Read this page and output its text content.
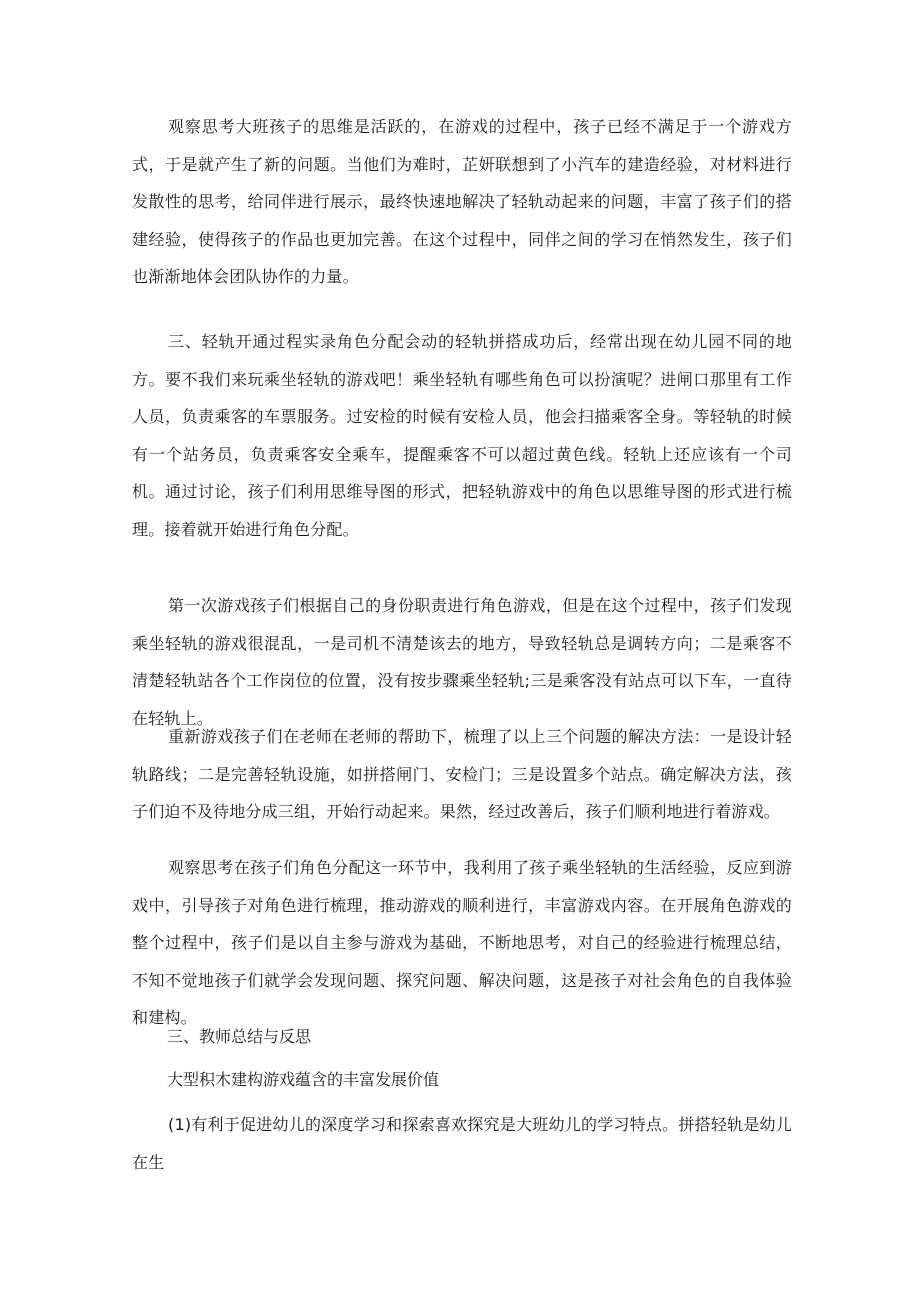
观察思考大班孩子的思维是活跃的，在游戏的过程中，孩子已经不满足于一个游戏方式，于是就产生了新的问题。当他们为难时，芷妍联想到了小汽车的建造经验，对材料进行发散性的思考，给同伴进行展示，最终快速地解决了轻轨动起来的问题，丰富了孩子们的搭建经验，使得孩子的作品也更加完善。在这个过程中，同伴之间的学习在悄然发生，孩子们也渐渐地体会团队协作的力量。

三、轻轨开通过程实录角色分配会动的轻轨拼搭成功后，经常出现在幼儿园不同的地方。要不我们来玩乘坐轻轨的游戏吧！乘坐轻轨有哪些角色可以扮演呢？进闸口那里有工作人员，负责乘客的车票服务。过安检的时候有安检人员，他会扫描乘客全身。等轻轨的时候有一个站务员，负责乘客安全乘车，提醒乘客不可以超过黄色线。轻轨上还应该有一个司机。通过讨论，孩子们利用思维导图的形式，把轻轨游戏中的角色以思维导图的形式进行梳理。接着就开始进行角色分配。

第一次游戏孩子们根据自己的身份职责进行角色游戏，但是在这个过程中，孩子们发现乘坐轻轨的游戏很混乱，一是司机不清楚该去的地方，导致轻轨总是调转方向；二是乘客不清楚轻轨站各个工作岗位的位置，没有按步骤乘坐轻轨;三是乘客没有站点可以下车，一直待在轻轨上。

重新游戏孩子们在老师在老师的帮助下，梳理了以上三个问题的解决方法：一是设计轻轨路线；二是完善轻轨设施，如拼搭闸门、安检门；三是设置多个站点。确定解决方法，孩子们迫不及待地分成三组，开始行动起来。果然，经过改善后，孩子们顺利地进行着游戏。

观察思考在孩子们角色分配这一环节中，我利用了孩子乘坐轻轨的生活经验，反应到游戏中，引导孩子对角色进行梳理，推动游戏的顺利进行，丰富游戏内容。在开展角色游戏的整个过程中，孩子们是以自主参与游戏为基础，不断地思考，对自己的经验进行梳理总结，不知不觉地孩子们就学会发现问题、探究问题、解决问题，这是孩子对社会角色的自我体验和建构。

三、教师总结与反思

大型积木建构游戏蕴含的丰富发展价值

(1)有利于促进幼儿的深度学习和探索喜欢探究是大班幼儿的学习特点。拼搭轻轨是幼儿在生
